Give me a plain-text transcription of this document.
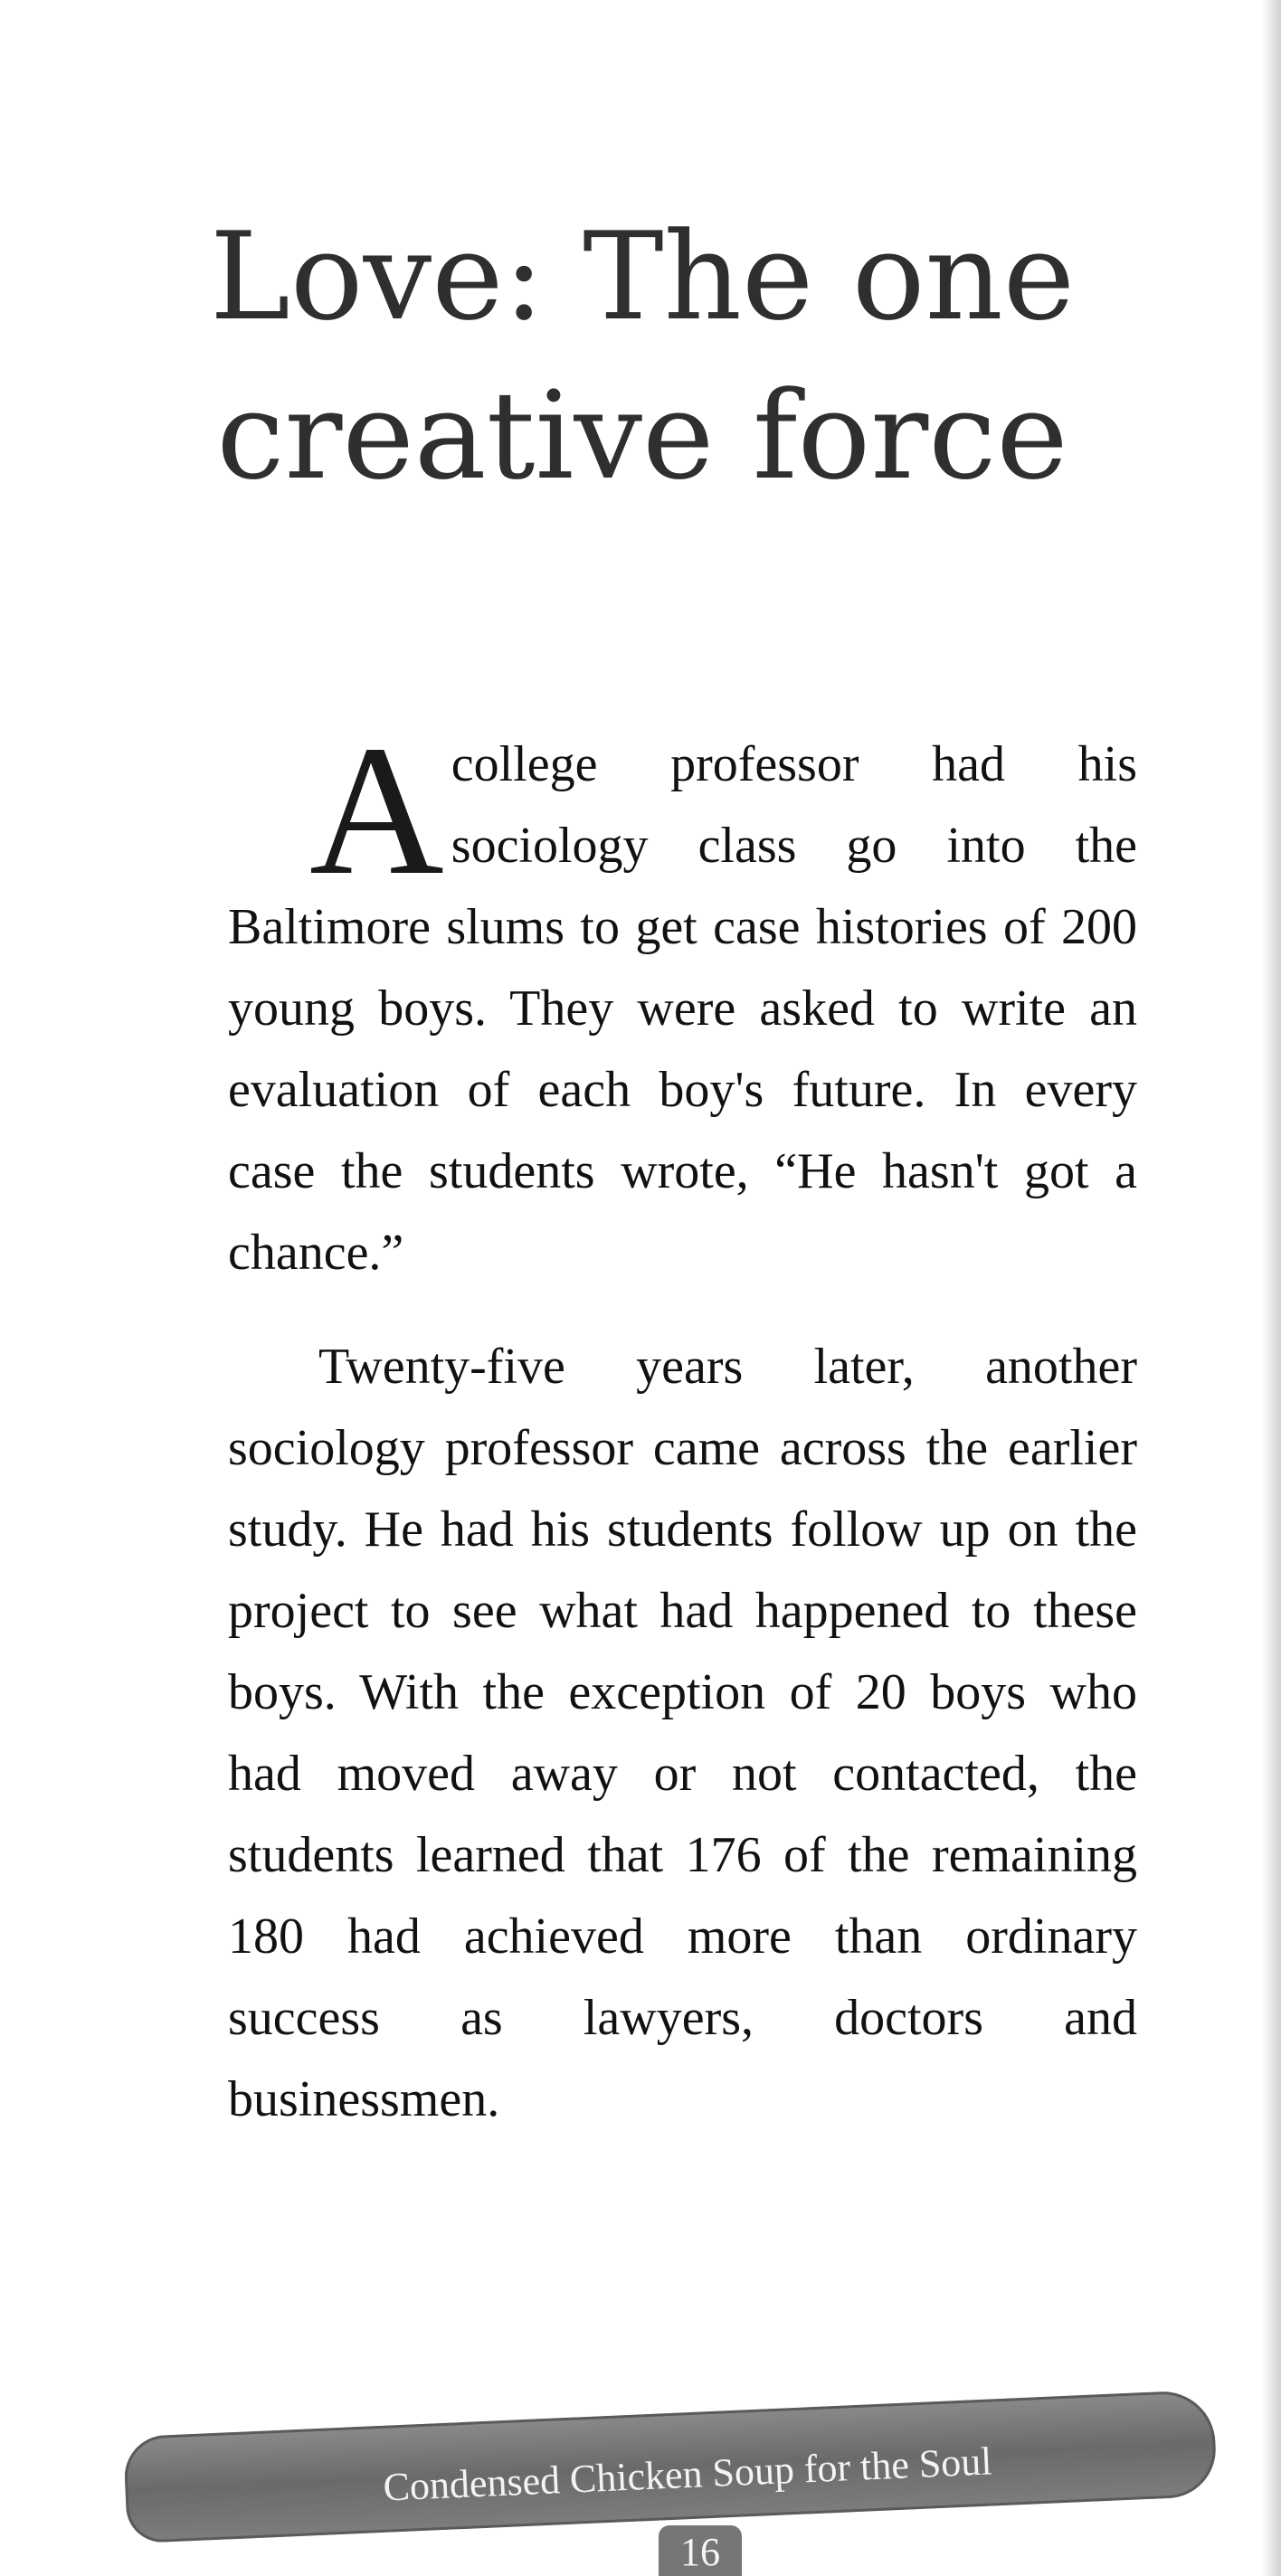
Love: The one
creative force

Acollege professor had his sociology class go into the Baltimore slums to get case histories of 200 young boys. They were asked to write an evaluation of each boy's future. In every case the students wrote, “He hasn't got a chance.”

Twenty-five years later, another sociology professor came across the earlier study. He had his students follow up on the project to see what had happened to these boys. With the exception of 20 boys who had moved away or not contacted, the students learned that 176 of the remaining 180 had achieved more than ordinary success as lawyers, doctors and businessmen.

Condensed Chicken Soup for the Soul
16
